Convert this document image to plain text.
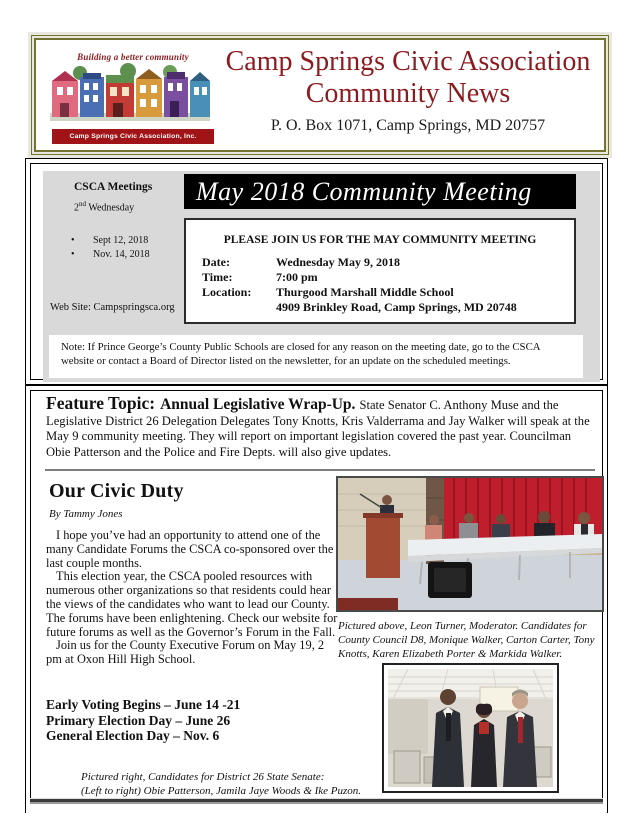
Building a better community
Camp Springs Civic Association, Inc.
Camp Springs Civic Association
Community News
P. O. Box 1071, Camp Springs, MD 20757
CSCA Meetings
2nd Wednesday
•
Sept 12, 2018
•
Nov. 14, 2018
Web Site: Campspringsca.org
May 2018 Community Meeting
PLEASE JOIN US FOR THE MAY COMMUNITY MEETING
Date:	Wednesday May 9, 2018
Time:	7:00 pm
Location:	Thurgood Marshall Middle School
4909 Brinkley Road, Camp Springs, MD 20748
Note: If Prince George’s County Public Schools are closed for any reason on the meeting date, go to the CSCA website or contact a Board of Director listed on the newsletter, for an update on the scheduled meetings.
Feature Topic: Annual Legislative Wrap-Up. State Senator C. Anthony Muse and the Legislative District 26 Delegation Delegates Tony Knotts, Kris Valderrama and Jay Walker will speak at the May 9 community meeting. They will report on important legislation covered the past year. Councilman Obie Patterson and the Police and Fire Depts. will also give updates.
Our Civic Duty
By Tammy Jones

I hope you’ve had an opportunity to attend one of the many Candidate Forums the CSCA co-sponsored over the last couple months.

This election year, the CSCA pooled resources with numerous other organizations so that residents could hear the views of the candidates who want to lead our County. The forums have been enlightening. Check our website for future forums as well as the Governor’s Forum in the Fall.

Join us for the County Executive Forum on May 19, 2 pm at Oxon Hill High School.

Early Voting Begins – June 14 -21
Primary Election Day – June 26
General Election Day – Nov. 6
Pictured right, Candidates for District 26 State Senate:
(Left to right) Obie Patterson, Jamila Jaye Woods & Ike Puzon.
Pictured above, Leon Turner, Moderator. Candidates for County Council D8, Monique Walker, Carton Carter, Tony Knotts, Karen Elizabeth Porter & Markida Walker.
